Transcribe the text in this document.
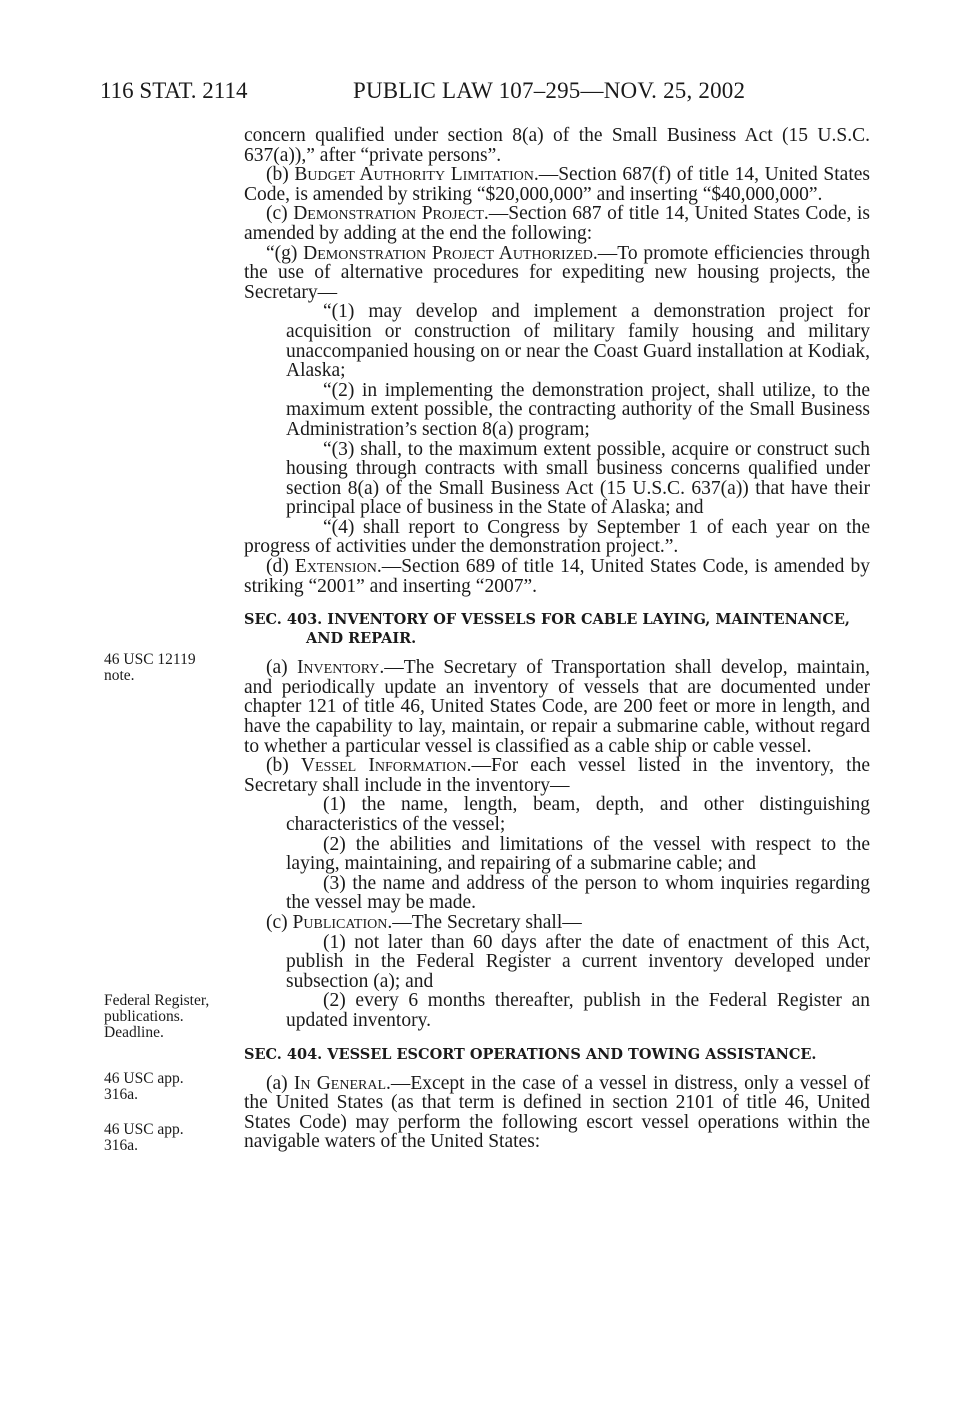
116 STAT. 2114	PUBLIC LAW 107–295—NOV. 25, 2002
46 USC 12119
note.
Federal Register,
publications.
Deadline.
46 USC app.
316a.
46 USC app.
316a.

concern qualified under section 8(a) of the Small Business Act (15 U.S.C. 637(a)),” after “private persons”.

(b) Budget Authority Limitation.—Section 687(f) of title 14, United States Code, is amended by striking “$20,000,000” and inserting “$40,000,000”.

(c) Demonstration Project.—Section 687 of title 14, United States Code, is amended by adding at the end the following:

“(g) Demonstration Project Authorized.—To promote efficiencies through the use of alternative procedures for expediting new housing projects, the Secretary—

“(1) may develop and implement a demonstration project for acquisition or construction of military family housing and military unaccompanied housing on or near the Coast Guard installation at Kodiak, Alaska;

“(2) in implementing the demonstration project, shall utilize, to the maximum extent possible, the contracting authority of the Small Business Administration’s section 8(a) program;

“(3) shall, to the maximum extent possible, acquire or construct such housing through contracts with small business concerns qualified under section 8(a) of the Small Business Act (15 U.S.C. 637(a)) that have their principal place of business in the State of Alaska; and

“(4) shall report to Congress by September 1 of each year on the progress of activities under the demonstration project.”.

(d) Extension.—Section 689 of title 14, United States Code, is amended by striking “2001” and inserting “2007”.

SEC. 403. INVENTORY OF VESSELS FOR CABLE LAYING, MAINTENANCE, AND REPAIR.

(a) Inventory.—The Secretary of Transportation shall develop, maintain, and periodically update an inventory of vessels that are documented under chapter 121 of title 46, United States Code, are 200 feet or more in length, and have the capability to lay, maintain, or repair a submarine cable, without regard to whether a particular vessel is classified as a cable ship or cable vessel.

(b) Vessel Information.—For each vessel listed in the inventory, the Secretary shall include in the inventory—

(1) the name, length, beam, depth, and other distinguishing characteristics of the vessel;

(2) the abilities and limitations of the vessel with respect to the laying, maintaining, and repairing of a submarine cable; and

(3) the name and address of the person to whom inquiries regarding the vessel may be made.

(c) Publication.—The Secretary shall—

(1) not later than 60 days after the date of enactment of this Act, publish in the Federal Register a current inventory developed under subsection (a); and

(2) every 6 months thereafter, publish in the Federal Register an updated inventory.

SEC. 404. VESSEL ESCORT OPERATIONS AND TOWING ASSISTANCE.

(a) In General.—Except in the case of a vessel in distress, only a vessel of the United States (as that term is defined in section 2101 of title 46, United States Code) may perform the following escort vessel operations within the navigable waters of the United States:
